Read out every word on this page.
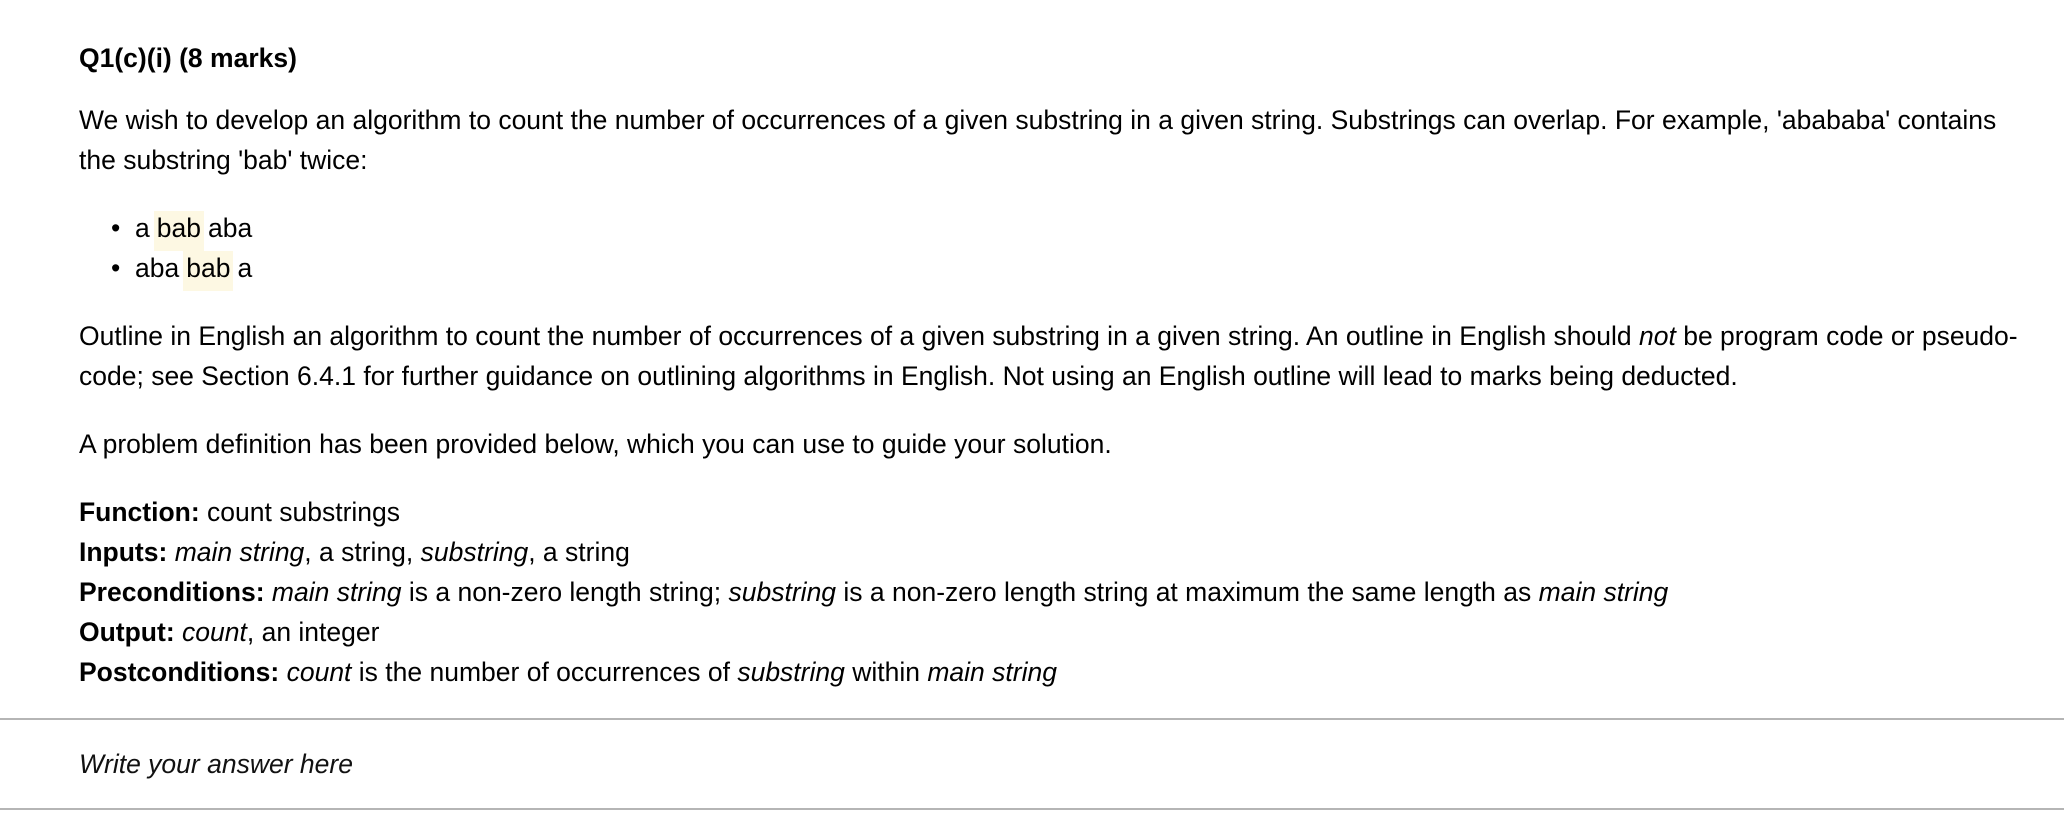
Q1(c)(i) (8 marks)

We wish to develop an algorithm to count the number of occurrences of a given substring in a given string. Substrings can overlap. For example, 'abababa' contains the substring 'bab' twice:

• a bab aba
• aba bab a

Outline in English an algorithm to count the number of occurrences of a given substring in a given string. An outline in English should not be program code or pseudo-code; see Section 6.4.1 for further guidance on outlining algorithms in English. Not using an English outline will lead to marks being deducted.

A problem definition has been provided below, which you can use to guide your solution.

Function: count substrings
Inputs: main string, a string, substring, a string
Preconditions: main string is a non-zero length string; substring is a non-zero length string at maximum the same length as main string
Output: count, an integer
Postconditions: count is the number of occurrences of substring within main string
Write your answer here
